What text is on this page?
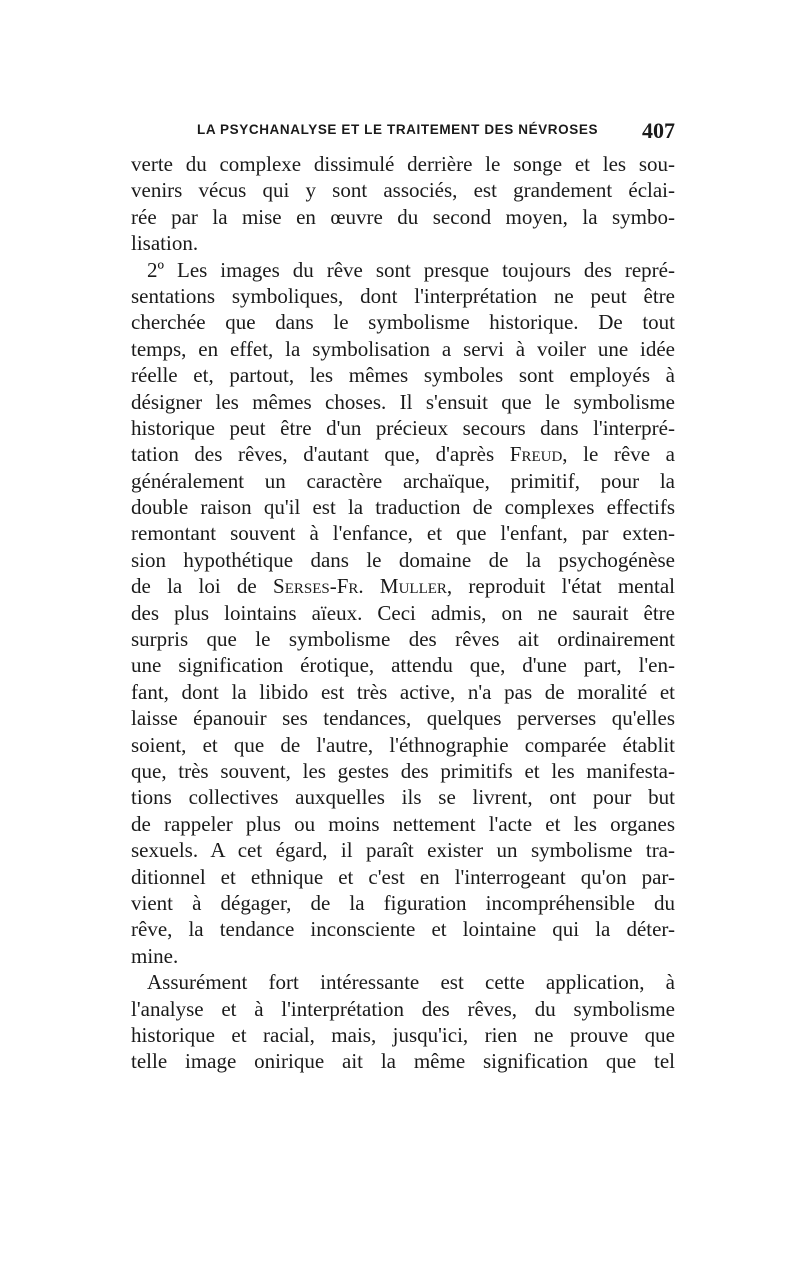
LA PSYCHANALYSE ET LE TRAITEMENT DES NÉVROSES 407
verte du complexe dissimulé derrière le songe et les sou-
venirs vécus qui y sont associés, est grandement éclai-
rée par la mise en œuvre du second moyen, la symbo-
lisation.
2º Les images du rêve sont presque toujours des repré-
sentations symboliques, dont l'interprétation ne peut être
cherchée que dans le symbolisme historique. De tout
temps, en effet, la symbolisation a servi à voiler une idée
réelle et, partout, les mêmes symboles sont employés à
désigner les mêmes choses. Il s'ensuit que le symbolisme
historique peut être d'un précieux secours dans l'interpré-
tation des rêves, d'autant que, d'après Freud, le rêve a
généralement un caractère archaïque, primitif, pour la
double raison qu'il est la traduction de complexes effectifs
remontant souvent à l'enfance, et que l'enfant, par exten-
sion hypothétique dans le domaine de la psychogénèse
de la loi de Serses-Fr. Muller, reproduit l'état mental
des plus lointains aïeux. Ceci admis, on ne saurait être
surpris que le symbolisme des rêves ait ordinairement
une signification érotique, attendu que, d'une part, l'en-
fant, dont la libido est très active, n'a pas de moralité et
laisse épanouir ses tendances, quelques perverses qu'elles
soient, et que de l'autre, l'éthnographie comparée établit
que, très souvent, les gestes des primitifs et les manifesta-
tions collectives auxquelles ils se livrent, ont pour but
de rappeler plus ou moins nettement l'acte et les organes
sexuels. A cet égard, il paraît exister un symbolisme tra-
ditionnel et ethnique et c'est en l'interrogeant qu'on par-
vient à dégager, de la figuration incompréhensible du
rêve, la tendance inconsciente et lointaine qui la déter-
mine.
Assurément fort intéressante est cette application, à
l'analyse et à l'interprétation des rêves, du symbolisme
historique et racial, mais, jusqu'ici, rien ne prouve que
telle image onirique ait la même signification que tel
